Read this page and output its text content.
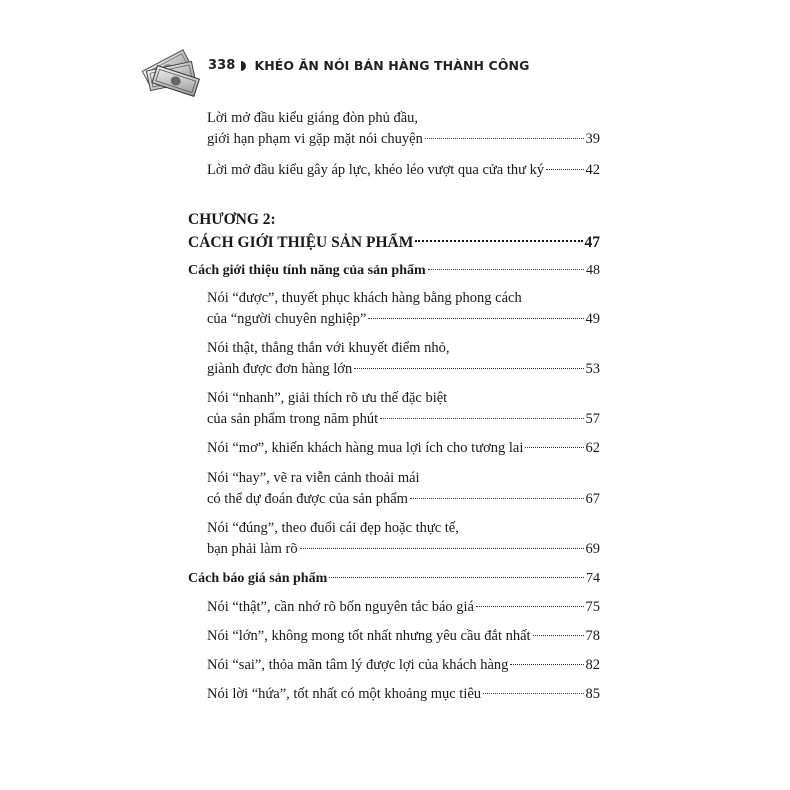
338 KHÉO ĂN NÓI BÁN HÀNG THÀNH CÔNG
Lời mở đầu kiểu giáng đòn phủ đầu,
giới hạn phạm vi gặp mặt nói chuyện	39
Lời mở đầu kiểu gây áp lực, khéo léo vượt qua cửa thư ký	42
CHƯƠNG 2:
CÁCH GIỚI THIỆU SẢN PHẨM	47
Cách giới thiệu tính năng của sản phẩm	48
Nói “được”, thuyết phục khách hàng bằng phong cách
của “người chuyên nghiệp”	49
Nói thật, thẳng thắn với khuyết điểm nhỏ,
giành được đơn hàng lớn	53
Nói “nhanh”, giải thích rõ ưu thế đặc biệt
của sản phẩm trong năm phút	57
Nói “mơ”, khiến khách hàng mua lợi ích cho tương lai	62
Nói “hay”, vẽ ra viễn cảnh thoải mái
có thể dự đoán được của sản phẩm	67
Nói “đúng”, theo đuổi cái đẹp hoặc thực tế,
bạn phải làm rõ	69
Cách báo giá sản phẩm	74
Nói “thật”, cần nhớ rõ bốn nguyên tắc báo giá	75
Nói “lớn”, không mong tốt nhất nhưng yêu cầu đắt nhất	78
Nói “sai”, thỏa mãn tâm lý được lợi của khách hàng	82
Nói lời “hứa”, tốt nhất có một khoảng mục tiêu	85
